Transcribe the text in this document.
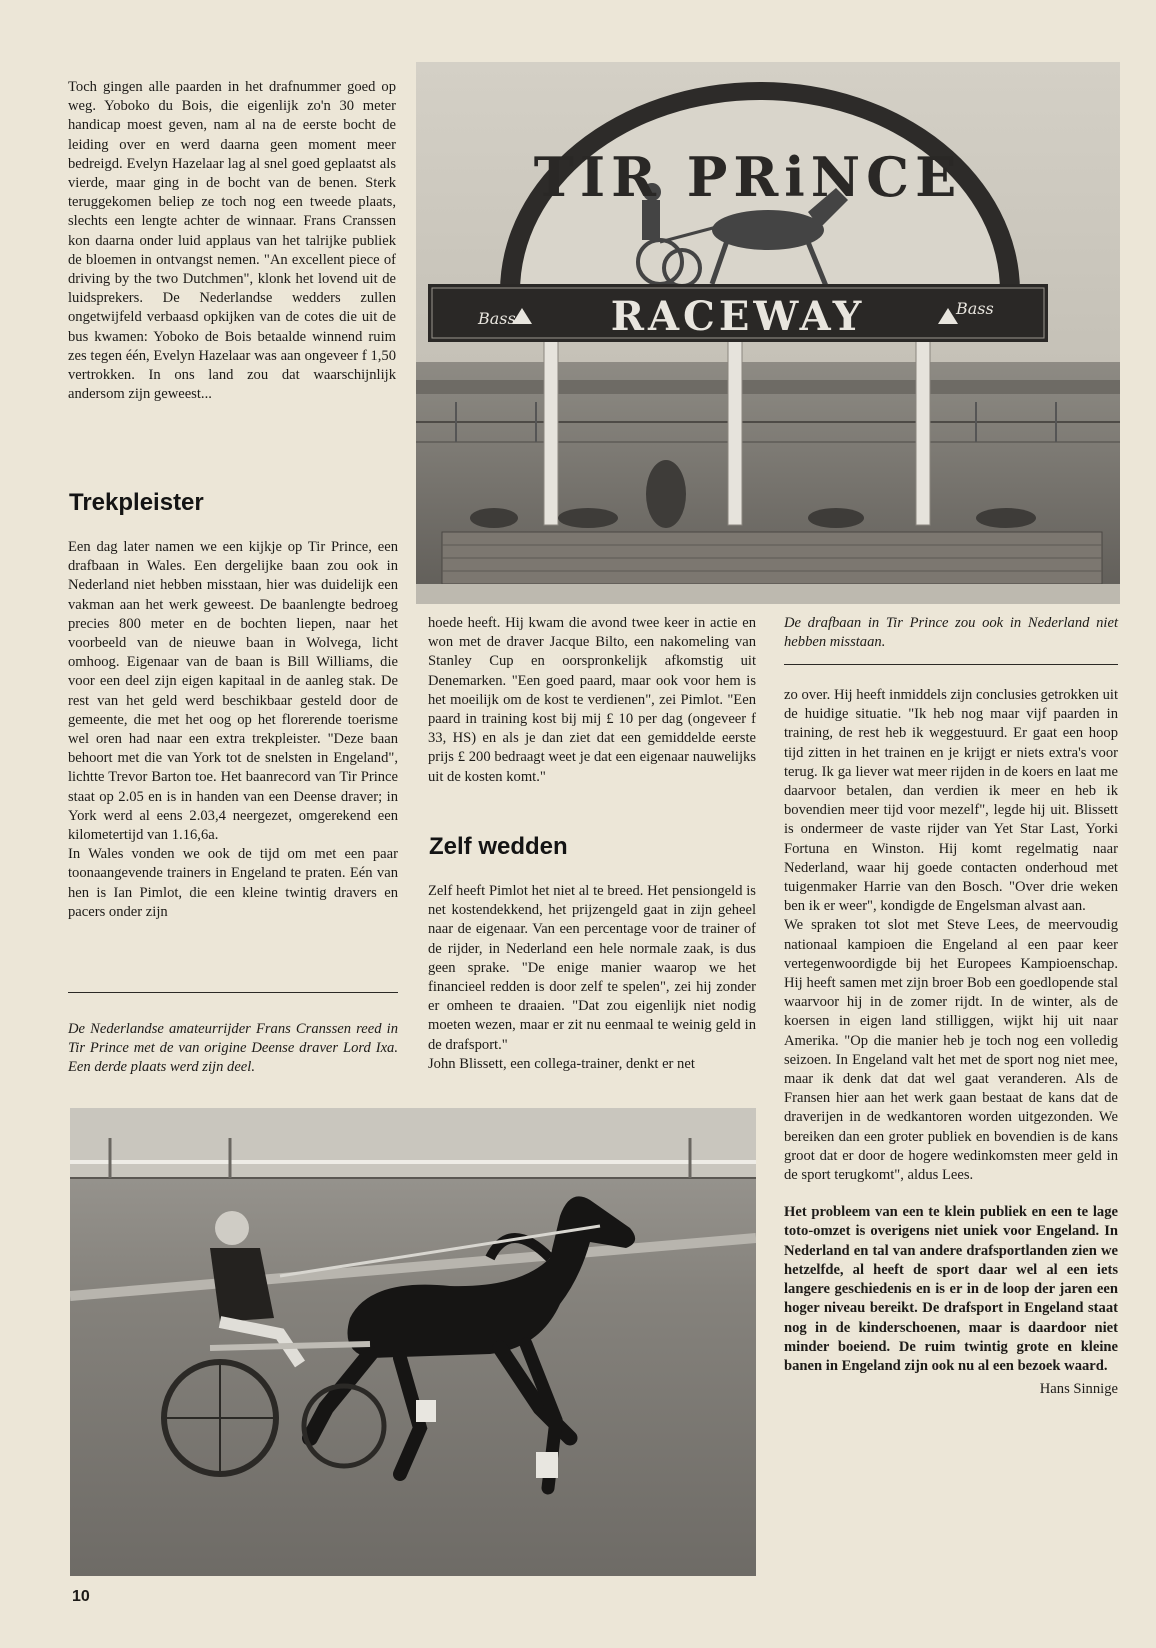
Toch gingen alle paarden in het drafnummer goed op weg. Yoboko du Bois, die eigenlijk zo'n 30 meter handicap moest geven, nam al na de eerste bocht de leiding over en werd daarna geen moment meer bedreigd. Evelyn Hazelaar lag al snel goed geplaatst als vierde, maar ging in de bocht van de benen. Sterk teruggekomen beliep ze toch nog een tweede plaats, slechts een lengte achter de winnaar. Frans Cranssen kon daarna onder luid applaus van het talrijke publiek de bloemen in ontvangst nemen. "An excellent piece of driving by the two Dutchmen", klonk het lovend uit de luidsprekers. De Nederlandse wedders zullen ongetwijfeld verbaasd opkijken van de cotes die uit de bus kwamen: Yoboko de Bois betaalde winnend ruim zes tegen één, Evelyn Hazelaar was aan ongeveer f 1,50 vertrokken. In ons land zou dat waarschijnlijk andersom zijn geweest...

Trekpleister

Een dag later namen we een kijkje op Tir Prince, een drafbaan in Wales. Een dergelijke baan zou ook in Nederland niet hebben misstaan, hier was duidelijk een vakman aan het werk geweest. De baanlengte bedroeg precies 800 meter en de bochten liepen, naar het voorbeeld van de nieuwe baan in Wolvega, licht omhoog. Eigenaar van de baan is Bill Williams, die voor een deel zijn eigen kapitaal in de aanleg stak. De rest van het geld werd beschikbaar gesteld door de gemeente, die met het oog op het florerende toerisme wel oren had naar een extra trekpleister. "Deze baan behoort met die van York tot de snelsten in Engeland", lichtte Trevor Barton toe. Het baanrecord van Tir Prince staat op 2.05 en is in handen van een Deense draver; in York werd al eens 2.03,4 neergezet, omgerekend een kilometertijd van 1.16,6a.

In Wales vonden we ook de tijd om met een paar toonaangevende trainers in Engeland te praten. Eén van hen is Ian Pimlot, die een kleine twintig dravers en pacers onder zijn

De Nederlandse amateurrijder Frans Cranssen reed in Tir Prince met de van origine Deense draver Lord Ixa. Een derde plaats werd zijn deel.
TIR PRiNCE
RACEWAY
Bass
Bass

hoede heeft. Hij kwam die avond twee keer in actie en won met de draver Jacque Bilto, een nakomeling van Stanley Cup en oorspronkelijk afkomstig uit Denemarken. "Een goed paard, maar ook voor hem is het moeilijk om de kost te verdienen", zei Pimlot. "Een paard in training kost bij mij £ 10 per dag (ongeveer f 33, HS) en als je dan ziet dat een gemiddelde eerste prijs £ 200 bedraagt weet je dat een eigenaar nauwelijks uit de kosten komt."

Zelf wedden

Zelf heeft Pimlot het niet al te breed. Het pensiongeld is net kostendekkend, het prijzengeld gaat in zijn geheel naar de eigenaar. Van een percentage voor de trainer of de rijder, in Nederland een hele normale zaak, is dus geen sprake. "De enige manier waarop we het financieel redden is door zelf te spelen", zei hij zonder er omheen te draaien. "Dat zou eigenlijk niet nodig moeten wezen, maar er zit nu eenmaal te weinig geld in de drafsport."

John Blissett, een collega-trainer, denkt er net

De drafbaan in Tir Prince zou ook in Nederland niet hebben misstaan.

zo over. Hij heeft inmiddels zijn conclusies getrokken uit de huidige situatie. "Ik heb nog maar vijf paarden in training, de rest heb ik weggestuurd. Er gaat een hoop tijd zitten in het trainen en je krijgt er niets extra's voor terug. Ik ga liever wat meer rijden in de koers en laat me daarvoor betalen, dan verdien ik meer en heb ik bovendien meer tijd voor mezelf", legde hij uit. Blissett is ondermeer de vaste rijder van Yet Star Last, Yorki Fortuna en Winston. Hij komt regelmatig naar Nederland, waar hij goede contacten onderhoud met tuigenmaker Harrie van den Bosch. "Over drie weken ben ik er weer", kondigde de Engelsman alvast aan.

We spraken tot slot met Steve Lees, de meervoudig nationaal kampioen die Engeland al een paar keer vertegenwoordigde bij het Europees Kampioenschap. Hij heeft samen met zijn broer Bob een goedlopende stal waarvoor hij in de zomer rijdt. In de winter, als de koersen in eigen land stilliggen, wijkt hij uit naar Amerika. "Op die manier heb je toch nog een volledig seizoen. In Engeland valt het met de sport nog niet mee, maar ik denk dat dat wel gaat veranderen. Als de Fransen hier aan het werk gaan bestaat de kans dat de draverijen in de wedkantoren worden uitgezonden. We bereiken dan een groter publiek en bovendien is de kans groot dat er door de hogere wedinkomsten meer geld in de sport terugkomt", aldus Lees.

Het probleem van een te klein publiek en een te lage toto-omzet is overigens niet uniek voor Engeland. In Nederland en tal van andere drafsportlanden zien we hetzelfde, al heeft de sport daar wel al een iets langere geschiedenis en is er in de loop der jaren een hoger niveau bereikt. De drafsport in Engeland staat nog in de kinderschoenen, maar is daardoor niet minder boeiend. De ruim twintig grote en kleine banen in Engeland zijn ook nu al een bezoek waard.

Hans Sinnige

10
